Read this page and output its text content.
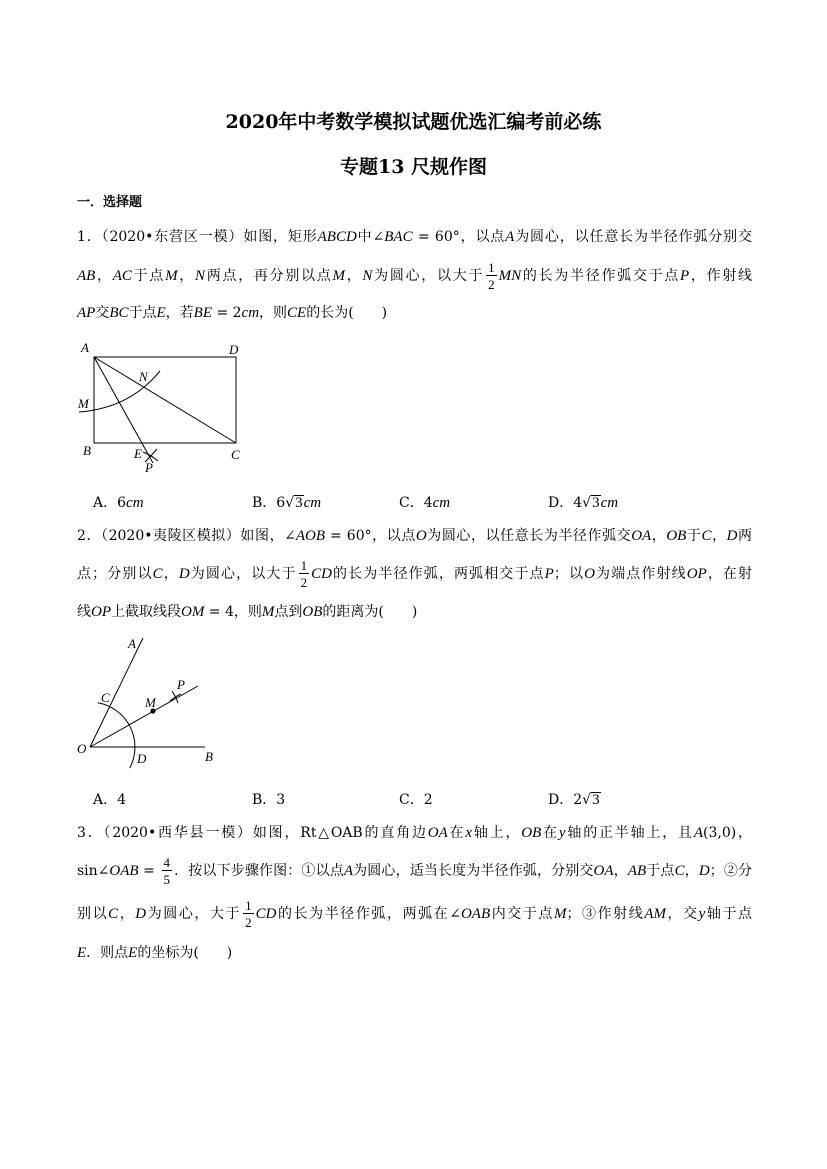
2020年中考数学模拟试题优选汇编考前必练
专题13 尺规作图
一．选择题
1．（2020•东营区一模）如图，矩形ABCD中∠BAC = 60°，以点A为圆心，以任意长为半径作弧分别交
AB，AC于点M，N两点，再分别以点M，N为圆心，以大于 $\frac{1}{2}$ MN的长为半径作弧交于点P，作射线
AP交BC于点E，若BE = 2cm，则CE的长为(　　)
A	D
N
M
B	E	C
P
A．6cm	B．6√3cm	C．4cm	D．4√3cm
2．（2020•夷陵区模拟）如图，∠AOB = 60°，以点O为圆心，以任意长为半径作弧交OA，OB于C，D两
点；分别以C，D为圆心，以大于 $\frac{1}{2}$ CD的长为半径作弧，两弧相交于点P；以O为端点作射线OP，在射
线OP上截取线段OM = 4，则M点到OB的距离为(　　)
A
P
C	M
O
D	B
A．4	B．3	C．2	D．2√3
3．（2020•西华县一模）如图，Rt△OAB的直角边OA在x轴上，OB在y轴的正半轴上，且A(3,0)，
sin∠OAB = $\frac{4}{5}$ ．按以下步骤作图：①以点A为圆心，适当长度为半径作弧，分别交OA，AB于点C，D；②分
别以C，D为圆心，大于 $\frac{1}{2}$ CD的长为半径作弧，两弧在∠OAB内交于点M；③作射线AM，交y轴于点
E．则点E的坐标为(　　)
